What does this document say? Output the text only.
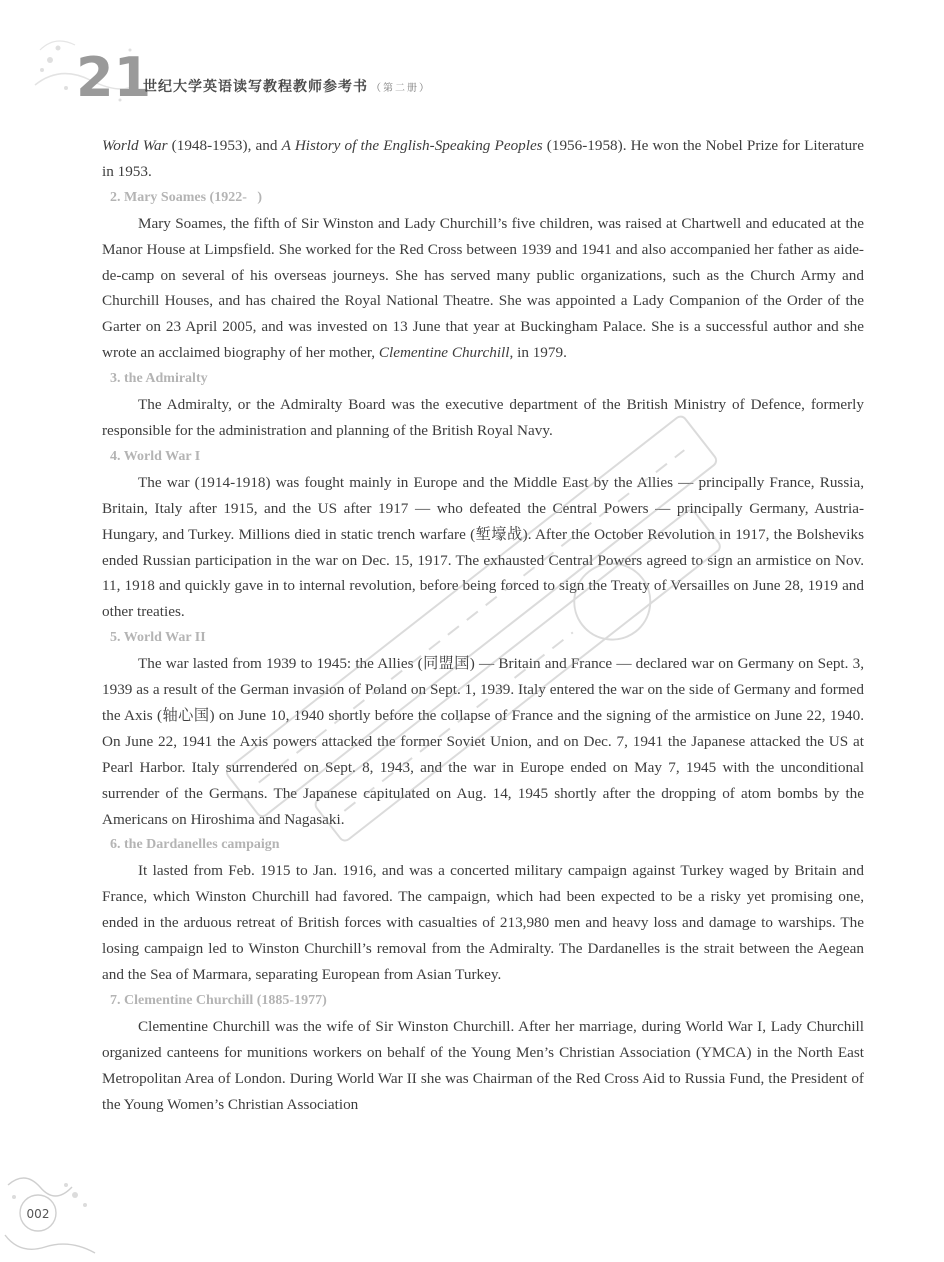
21
世纪大学英语读写教程教师参考书 （第二册）

World War (1948-1953), and A History of the English-Speaking Peoples (1956-1958). He won the Nobel Prize for Literature in 1953.

2. Mary Soames (1922-   )

Mary Soames, the fifth of Sir Winston and Lady Churchill’s five children, was raised at Chartwell and educated at the Manor House at Limpsfield. She worked for the Red Cross between 1939 and 1941 and also accompanied her father as aide-de-camp on several of his overseas journeys. She has served many public organizations, such as the Church Army and Churchill Houses, and has chaired the Royal National Theatre. She was appointed a Lady Companion of the Order of the Garter on 23 April 2005, and was invested on 13 June that year at Buckingham Palace. She is a successful author and she wrote an acclaimed biography of her mother, Clementine Churchill, in 1979.

3. the Admiralty

The Admiralty, or the Admiralty Board was the executive department of the British Ministry of Defence, formerly responsible for the administration and planning of the British Royal Navy.

4. World War I

The war (1914-1918) was fought mainly in Europe and the Middle East by the Allies — principally France, Russia, Britain, Italy after 1915, and the US after 1917 — who defeated the Central Powers — principally Germany, Austria-Hungary, and Turkey. Millions died in static trench warfare (堑壕战). After the October Revolution in 1917, the Bolsheviks ended Russian participation in the war on Dec. 15, 1917. The exhausted Central Powers agreed to sign an armistice on Nov. 11, 1918 and quickly gave in to internal revolution, before being forced to sign the Treaty of Versailles on June 28, 1919 and other treaties.

5. World War II

The war lasted from 1939 to 1945: the Allies (同盟国) — Britain and France — declared war on Germany on Sept. 3, 1939 as a result of the German invasion of Poland on Sept. 1, 1939. Italy entered the war on the side of Germany and formed the Axis (轴心国) on June 10, 1940 shortly before the collapse of France and the signing of the armistice on June 22, 1940. On June 22, 1941 the Axis powers attacked the former Soviet Union, and on Dec. 7, 1941 the Japanese attacked the US at Pearl Harbor. Italy surrendered on Sept. 8, 1943, and the war in Europe ended on May 7, 1945 with the unconditional surrender of the Germans. The Japanese capitulated on Aug. 14, 1945 shortly after the dropping of atom bombs by the Americans on Hiroshima and Nagasaki.

6. the Dardanelles campaign

It lasted from Feb. 1915 to Jan. 1916, and was a concerted military campaign against Turkey waged by Britain and France, which Winston Churchill had favored. The campaign, which had been expected to be a risky yet promising one, ended in the arduous retreat of British forces with casualties of 213,980 men and heavy loss and damage to warships. The losing campaign led to Winston Churchill’s removal from the Admiralty. The Dardanelles is the strait between the Aegean and the Sea of Marmara, separating European from Asian Turkey.

7. Clementine Churchill (1885-1977)

Clementine Churchill was the wife of Sir Winston Churchill. After her marriage, during World War I, Lady Churchill organized canteens for munitions workers on behalf of the Young Men’s Christian Association (YMCA) in the North East Metropolitan Area of London. During World War II she was Chairman of the Red Cross Aid to Russia Fund, the President of the Young Women’s Christian Association

002
